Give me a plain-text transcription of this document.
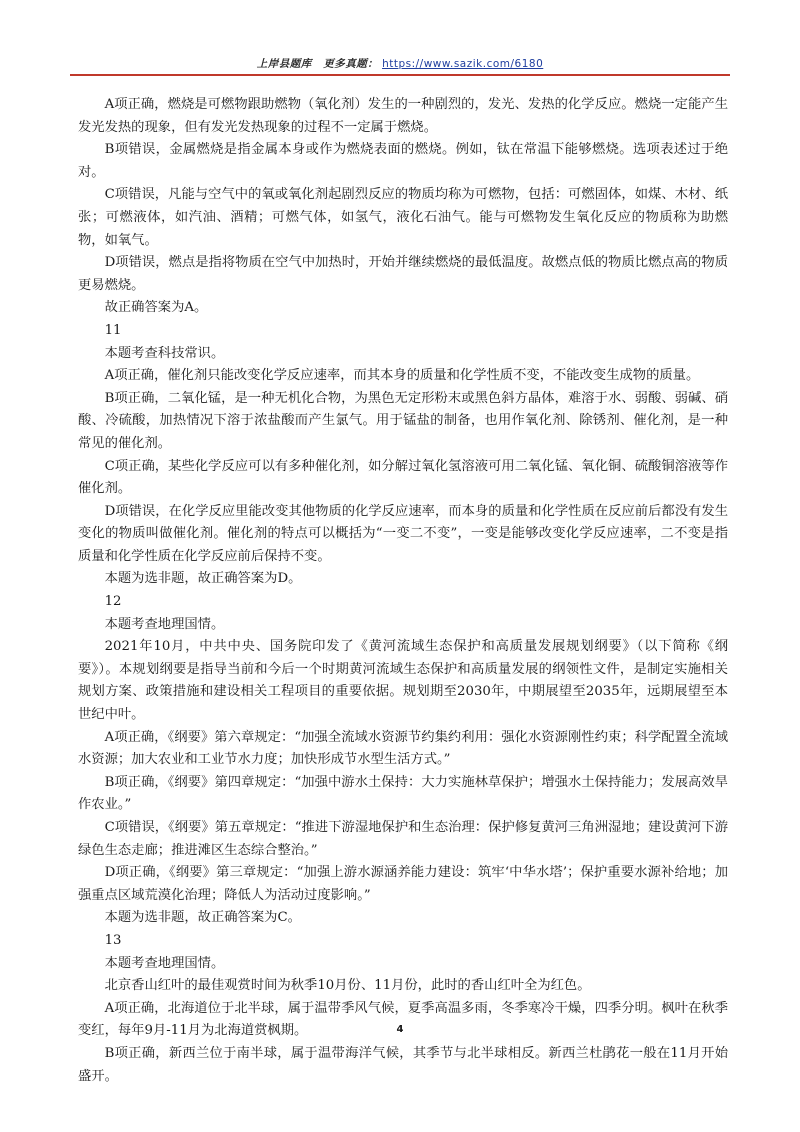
上岸县题库 更多真题： https://www.sazik.com/6180

A项正确，燃烧是可燃物跟助燃物（氧化剂）发生的一种剧烈的，发光、发热的化学反应。燃烧一定能产生发光发热的现象，但有发光发热现象的过程不一定属于燃烧。

B项错误，金属燃烧是指金属本身或作为燃烧表面的燃烧。例如，钛在常温下能够燃烧。选项表述过于绝对。

C项错误，凡能与空气中的氧或氧化剂起剧烈反应的物质均称为可燃物，包括：可燃固体，如煤、木材、纸张；可燃液体，如汽油、酒精；可燃气体，如氢气，液化石油气。能与可燃物发生氧化反应的物质称为助燃物，如氧气。

D项错误，燃点是指将物质在空气中加热时，开始并继续燃烧的最低温度。故燃点低的物质比燃点高的物质更易燃烧。

故正确答案为A。

11

本题考查科技常识。

A项正确，催化剂只能改变化学反应速率，而其本身的质量和化学性质不变，不能改变生成物的质量。

B项正确，二氧化锰，是一种无机化合物，为黑色无定形粉末或黑色斜方晶体，难溶于水、弱酸、弱碱、硝酸、冷硫酸，加热情况下溶于浓盐酸而产生氯气。用于锰盐的制备，也用作氧化剂、除锈剂、催化剂，是一种常见的催化剂。

C项正确，某些化学反应可以有多种催化剂，如分解过氧化氢溶液可用二氧化锰、氧化铜、硫酸铜溶液等作催化剂。

D项错误，在化学反应里能改变其他物质的化学反应速率，而本身的质量和化学性质在反应前后都没有发生变化的物质叫做催化剂。催化剂的特点可以概括为“一变二不变”，一变是能够改变化学反应速率，二不变是指质量和化学性质在化学反应前后保持不变。

本题为选非题，故正确答案为D。

12

本题考查地理国情。

2021年10月，中共中央、国务院印发了《黄河流域生态保护和高质量发展规划纲要》（以下简称《纲要》）。本规划纲要是指导当前和今后一个时期黄河流域生态保护和高质量发展的纲领性文件，是制定实施相关规划方案、政策措施和建设相关工程项目的重要依据。规划期至2030年，中期展望至2035年，远期展望至本世纪中叶。

A项正确，《纲要》第六章规定：“加强全流域水资源节约集约利用：强化水资源刚性约束；科学配置全流域水资源；加大农业和工业节水力度；加快形成节水型生活方式。”

B项正确，《纲要》第四章规定：“加强中游水土保持：大力实施林草保护；增强水土保持能力；发展高效旱作农业。”

C项错误，《纲要》第五章规定：“推进下游湿地保护和生态治理：保护修复黄河三角洲湿地；建设黄河下游绿色生态走廊；推进滩区生态综合整治。”

D项正确，《纲要》第三章规定：“加强上游水源涵养能力建设：筑牢‘中华水塔’；保护重要水源补给地；加强重点区域荒漠化治理；降低人为活动过度影响。”

本题为选非题，故正确答案为C。

13

本题考查地理国情。

北京香山红叶的最佳观赏时间为秋季10月份、11月份，此时的香山红叶全为红色。

A项正确，北海道位于北半球，属于温带季风气候，夏季高温多雨，冬季寒冷干燥，四季分明。枫叶在秋季变红，每年9月-11月为北海道赏枫期。

B项正确，新西兰位于南半球，属于温带海洋气候，其季节与北半球相反。新西兰杜鹃花一般在11月开始盛开。

4
